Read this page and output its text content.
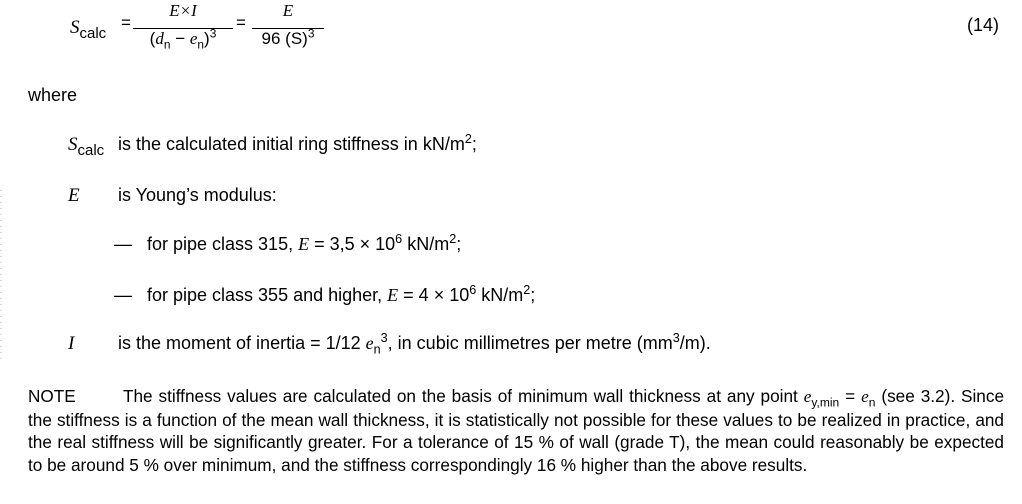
$S_{calc}$
=
E×I
$(d_n - e_n)^3$
=
E
96 $(S)^3$	(14)
where
$S_{calc}$ is the calculated initial ring stiffness in $kN/m^2$;
E is Young’s modulus:
— for pipe class 315, $E = 3,5 \times 10^6$ $kN/m^2$;
— for pipe class 355 and higher, $E = 4 \times 10^6$ $kN/m^2$;
I is the moment of inertia = 1/12 $e_n^3$, in cubic millimetres per metre $(mm^3/m)$.
NOTE	The stiffness values are calculated on the basis of minimum wall thickness at any point $e_{y,min} = e_n$ (see 3.2). Since the stiffness is a function of the mean wall thickness, it is statistically not possible for these values to be realized in practice, and the real stiffness will be significantly greater. For a tolerance of 15 % of wall (grade T), the mean could reasonably be expected to be around 5 % over minimum, and the stiffness correspondingly 16 % higher than the above results.
